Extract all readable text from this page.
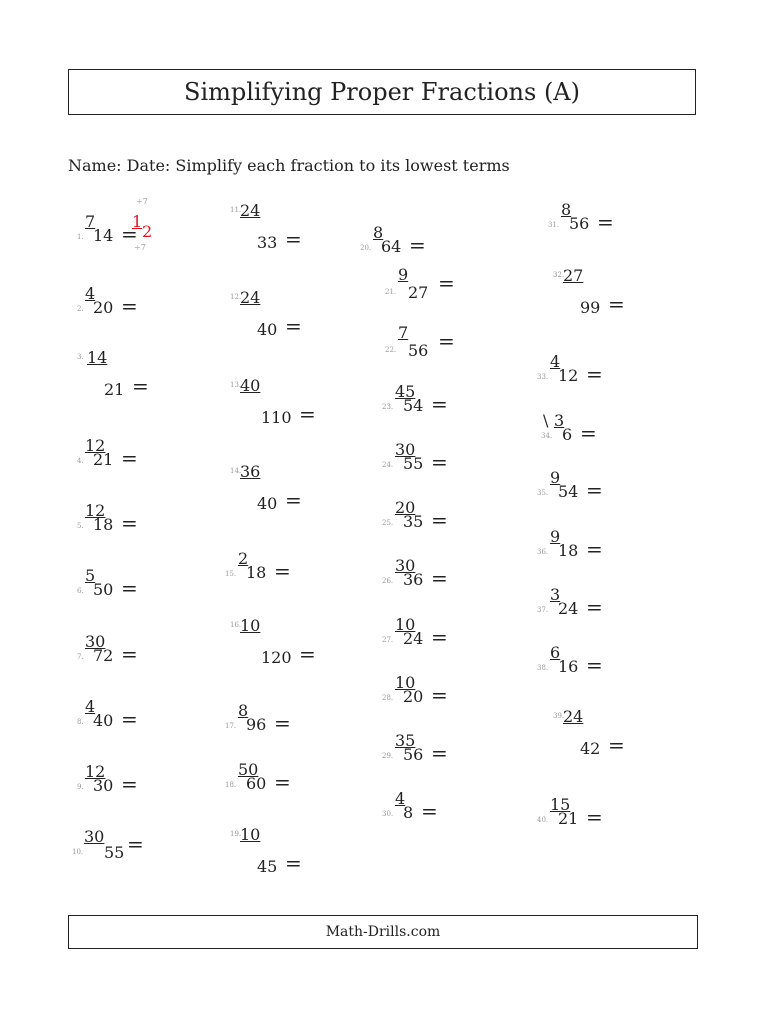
Simplifying Proper Fractions (A)
Name: Date: Simplify each fraction to its lowest terms
1.
7
14 =
÷7
1
2
÷7
2.
4
20 =
3. 14
21 =
4.
12
21 =
5.
12
18 =
6.
5
50 =
7.
30
72 =
8.
4
40 =
9.
12
30 =
10.
30
55 =
11.
24
33 =
12.
24
40 =
13.
40
110 =
14.
36
40 =
15.
2
18 =
16.
10
120 =
17.
8
96 =
18.
50
60 =
19.
10
45 =
20.
8
64 =
21.
9
27 =
22.
7
56 =
23.
45
54 =
24.
30
55 =
25.
20
35 =
26.
30
36 =
27.
10
24 =
28.
10
20 =
29.
35
56 =
30.
4
8 =
31.
8
56 =
32.
27
99 =
33.
4
12 =
34.
3
6 =
\
35.
9
54 =
36.
9
18 =
37.
3
24 =
38.
6
16 =
39.
24
42 =
40.
15
21 =
Math-Drills.com
